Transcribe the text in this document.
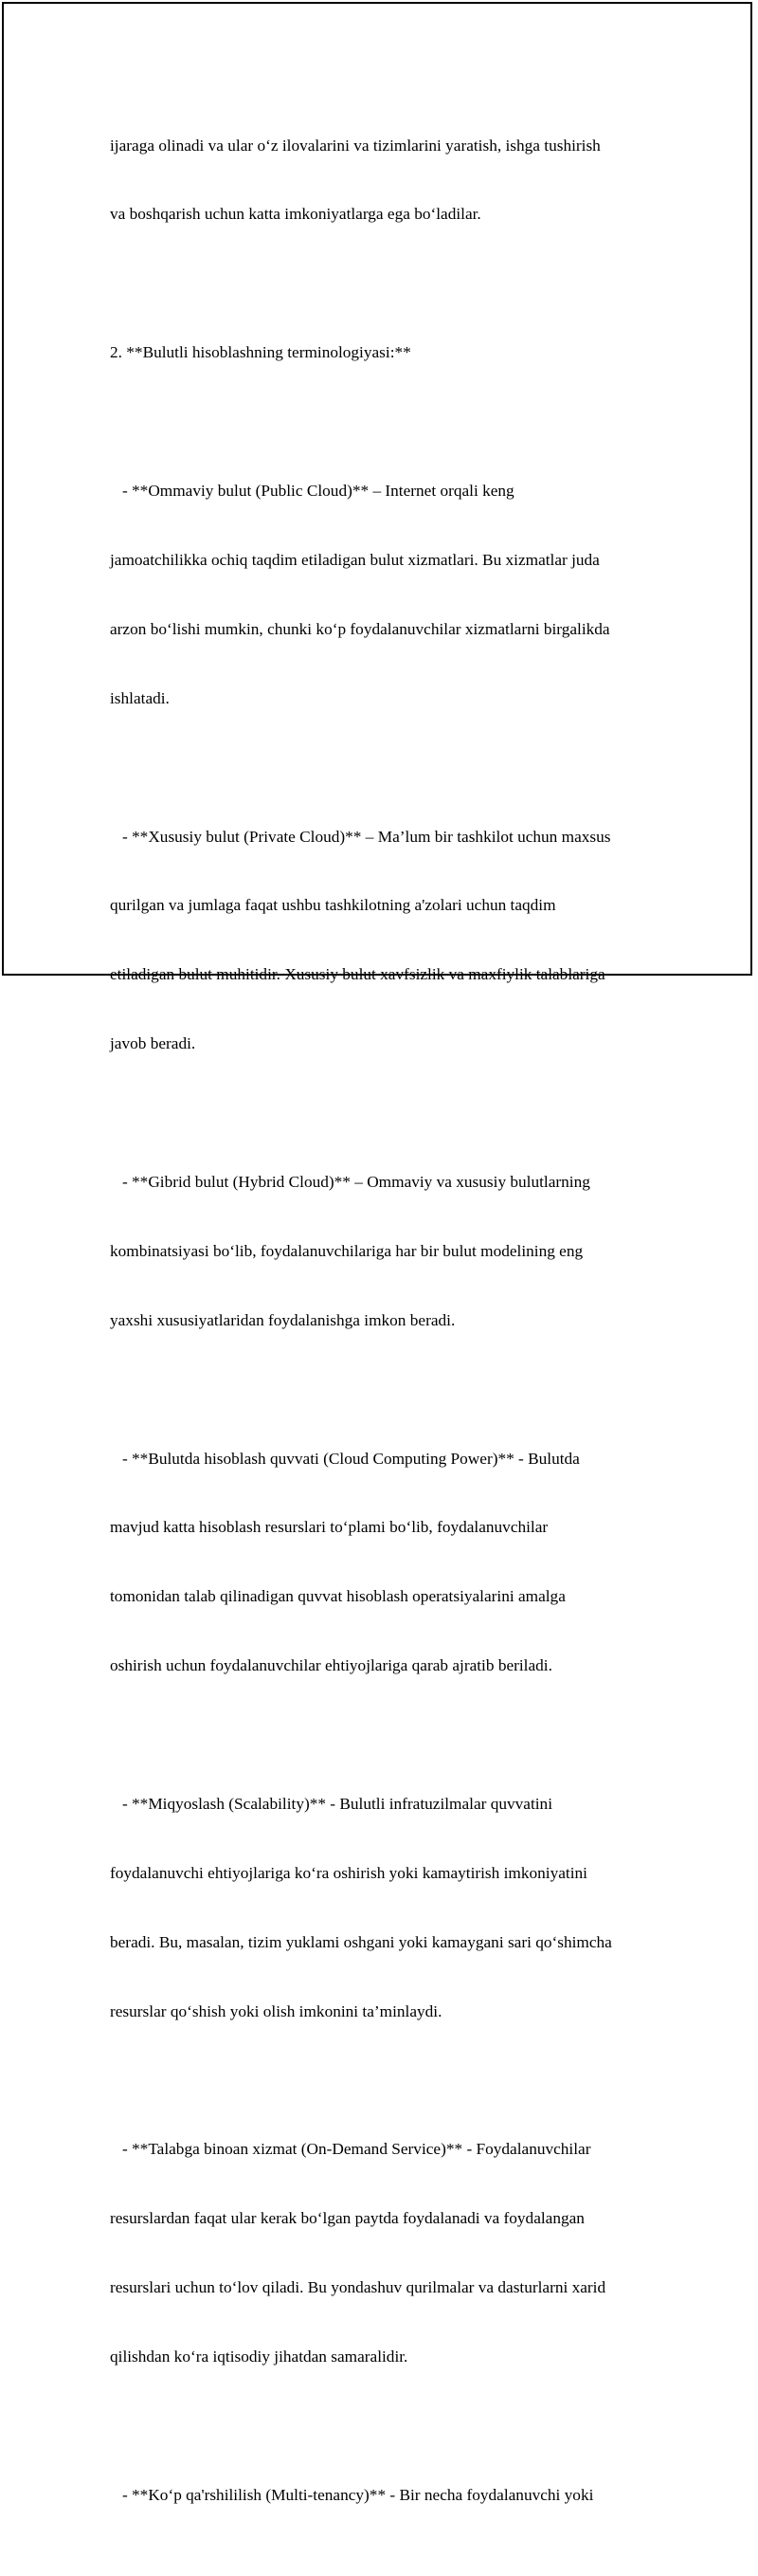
ijaraga olinadi va ular o‘z ilovalarini va tizimlarini yaratish, ishga tushirish

va boshqarish uchun katta imkoniyatlarga ega bo‘ladilar.

2. **Bulutli hisoblashning terminologiyasi:**

- **Ommaviy bulut (Public Cloud)** – Internet orqali keng

jamoatchilikka ochiq taqdim etiladigan bulut xizmatlari. Bu xizmatlar juda

arzon bo‘lishi mumkin, chunki ko‘p foydalanuvchilar xizmatlarni birgalikda

ishlatadi.

- **Xususiy bulut (Private Cloud)** – Ma’lum bir tashkilot uchun maxsus

qurilgan va jumlaga faqat ushbu tashkilotning a'zolari uchun taqdim

etiladigan bulut muhitidir. Xususiy bulut xavfsizlik va maxfiylik talablariga

javob beradi.

- **Gibrid bulut (Hybrid Cloud)** – Ommaviy va xususiy bulutlarning

kombinatsiyasi bo‘lib, foydalanuvchilariga har bir bulut modelining eng

yaxshi xususiyatlaridan foydalanishga imkon beradi.

- **Bulutda hisoblash quvvati (Cloud Computing Power)** - Bulutda

mavjud katta hisoblash resurslari to‘plami bo‘lib, foydalanuvchilar

tomonidan talab qilinadigan quvvat hisoblash operatsiyalarini amalga

oshirish uchun foydalanuvchilar ehtiyojlariga qarab ajratib beriladi.

- **Miqyoslash (Scalability)** - Bulutli infratuzilmalar quvvatini

foydalanuvchi ehtiyojlariga ko‘ra oshirish yoki kamaytirish imkoniyatini

beradi. Bu, masalan, tizim yuklami oshgani yoki kamaygani sari qo‘shimcha

resurslar qo‘shish yoki olish imkonini ta’minlaydi.

- **Talabga binoan xizmat (On-Demand Service)** - Foydalanuvchilar

resurslardan faqat ular kerak bo‘lgan paytda foydalanadi va foydalangan

resurslari uchun to‘lov qiladi. Bu yondashuv qurilmalar va dasturlarni xarid

qilishdan ko‘ra iqtisodiy jihatdan samaralidir.

- **Ko‘p qa'rshililish (Multi-tenancy)** - Bir necha foydalanuvchi yoki
